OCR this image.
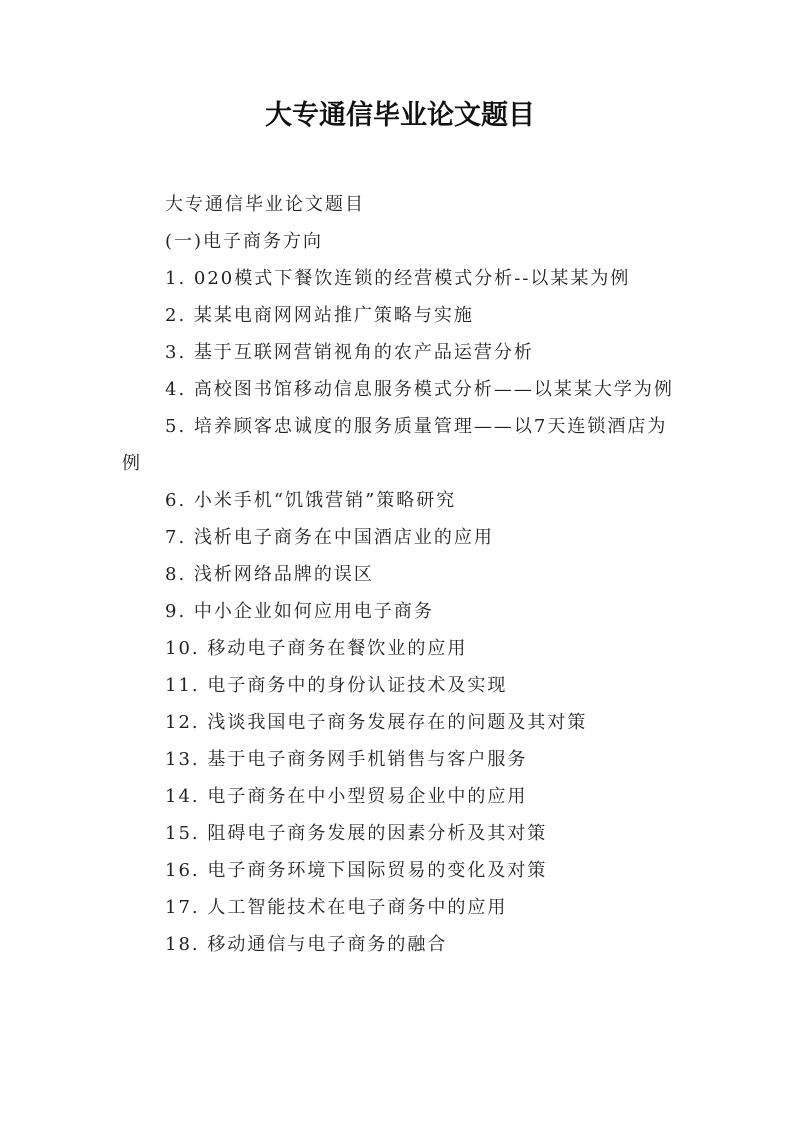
大专通信毕业论文题目

大专通信毕业论文题目

(一)电子商务方向

1. 020模式下餐饮连锁的经营模式分析--以某某为例

2. 某某电商网网站推广策略与实施

3. 基于互联网营销视角的农产品运营分析

4. 高校图书馆移动信息服务模式分析——以某某大学为例

5. 培养顾客忠诚度的服务质量管理——以7天连锁酒店为例

6. 小米手机“饥饿营销”策略研究

7. 浅析电子商务在中国酒店业的应用

8. 浅析网络品牌的误区

9. 中小企业如何应用电子商务

10. 移动电子商务在餐饮业的应用

11. 电子商务中的身份认证技术及实现

12. 浅谈我国电子商务发展存在的问题及其对策

13. 基于电子商务网手机销售与客户服务

14. 电子商务在中小型贸易企业中的应用

15. 阻碍电子商务发展的因素分析及其对策

16. 电子商务环境下国际贸易的变化及对策

17. 人工智能技术在电子商务中的应用

18. 移动通信与电子商务的融合
